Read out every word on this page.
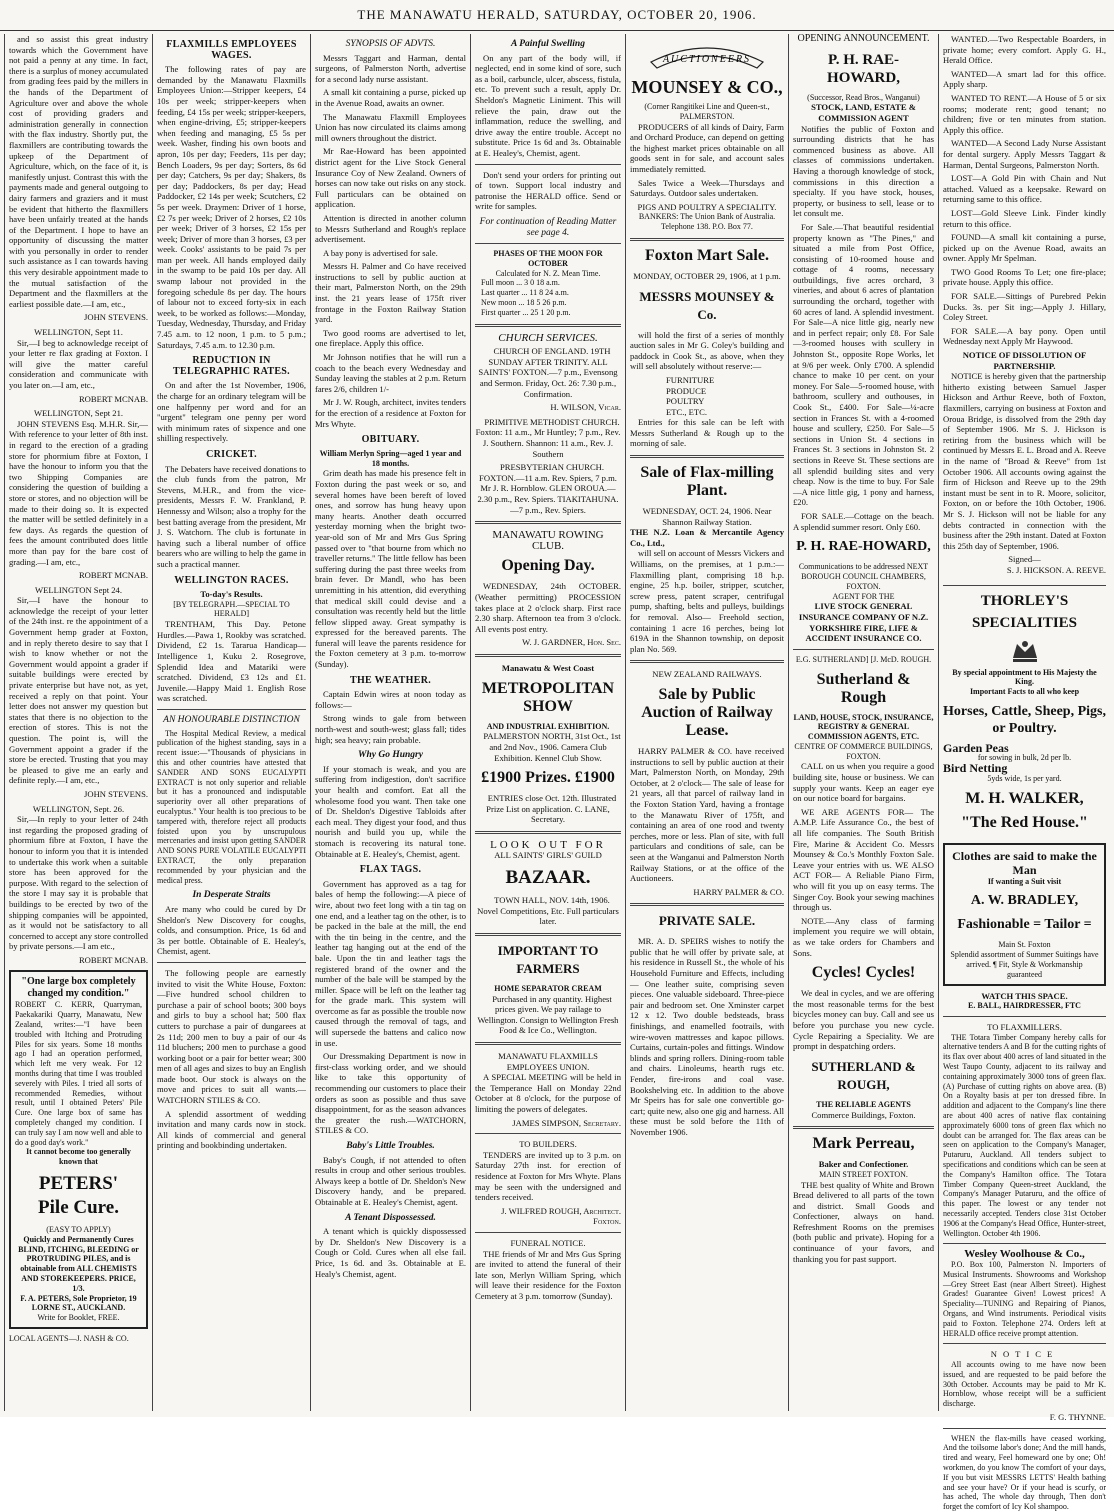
THE MANAWATU HERALD, SATURDAY, OCTOBER 20, 1906.

and so assist this great industry towards which the Government have not paid a penny at any time. In fact, there is a surplus of money accumulated from grading fees paid by the millers in the hands of the Department of Agriculture over and above the whole cost of providing graders and administration generally in connection with the flax industry. Shortly put, the flaxmillers are contributing towards the upkeep of the Department of Agriculture, which, on the face of it, is manifestly unjust. Contrast this with the payments made and general outgoing to dairy farmers and graziers and it must be evident that hitherto the flaxmillers have been unfairly treated at the hands of the Department. I hope to have an opportunity of discussing the matter with you personally in order to render such assistance as I can towards having this very desirable appointment made to the mutual satisfaction of the Department and the flaxmillers at the earliest possible date.—I am, etc.,

JOHN STEVENS.
WELLINGTON, Sept 11.

Sir,—I beg to acknowledge receipt of your letter re flax grading at Foxton. I will give the matter careful consideration and communicate with you later on.—I am, etc.,

ROBERT MCNAB.
WELLINGTON, Sept 21.

JOHN STEVENS Esq. M.H.R. Sir,—With reference to your letter of 8th inst. in regard to the erection of a grading store for phormium fibre at Foxton, I have the honour to inform you that the two Shipping Companies are considering the question of building a store or stores, and no objection will be made to their doing so. It is expected the matter will be settled definitely in a few days. As regards the question of fees the amount contributed does little more than pay for the bare cost of grading.—I am, etc.,

ROBERT MCNAB.
WELLINGTON Sept 24.

Sir,—I have the honour to acknowledge the receipt of your letter of the 24th inst. re the appointment of a Government hemp grader at Foxton, and in reply thereto desire to say that I wish to know whether or not the Government would appoint a grader if suitable buildings were erected by private enterprise but have not, as yet, received a reply on that point. Your letter does not answer my question but states that there is no objection to the erection of stores. This is not the question. The point is, will the Government appoint a grader if the store be erected. Trusting that you may be pleased to give me an early and definite reply.—I am, etc.,

JOHN STEVENS.
WELLINGTON, Sept. 26.

Sir,—In reply to your letter of 24th inst regarding the proposed grading of phormium fibre at Foxton, I have the honour to inform you that it is intended to undertake this work when a suitable store has been approved for the purpose. With regard to the selection of the store I may say it is probable that buildings to be erected by two of the shipping companies will be appointed, as it would not be satisfactory to all concerned to accept any store controlled by private persons.—I am etc.,

ROBERT MCNAB.
"One large box completely changed my condition."
ROBERT C. KERR, Quarryman, Paekakariki Quarry, Manawatu, New Zealand, writes:—"I have been troubled with Itching and Protruding Piles for six years. Some 18 months ago I had an operation performed, which left me very weak. For 12 months during that time I was troubled severely with Piles. I tried all sorts of recommended Remedies, without result, until I obtained Peters' Pile Cure. One large box of same has completely changed my condition. I can truly say I am now well and able to do a good day's work."
It cannot become too generally known that
PETERS'
Pile Cure.
(EASY TO APPLY)
Quickly and Permanently Cures BLIND, ITCHING, BLEEDING or PROTRUDING PILES, and is obtainable from ALL CHEMISTS AND STOREKEEPERS. PRICE, 1/3.
F. A. PETERS, Sole Proprietor, 19 LORNE ST., AUCKLAND.
Write for Booklet, FREE.
LOCAL AGENTS—J. NASH & CO.
FLAXMILLS EMPLOYEES WAGES.

The following rates of pay are demanded by the Manawatu Flaxmills Employees Union:—Stripper keepers, £4 10s per week; stripper-keepers when feeding, £4 15s per week; stripper-keepers, when engine-driving, £5; stripper-keepers when feeding and managing, £5 5s per week. Washer, finding his own boots and apron, 10s per day; Feeders, 11s per day; Bench Loaders, 9s per day; Sorters, 8s 6d per day; Catchers, 9s per day; Shakers, 8s per day; Paddockers, 8s per day; Head Paddocker, £2 14s per week; Scutchers, £2 5s per week. Draymen: Driver of 1 horse, £2 7s per week; Driver of 2 horses, £2 10s per week; Driver of 3 horses, £2 15s per week; Driver of more than 3 horses, £3 per week. Cooks' assistants to be paid 7s per man per week. All hands employed daily in the swamp to be paid 10s per day. All swamp labour not provided in the foregoing schedule 8s per day. The hours of labour not to exceed forty-six in each week, to be worked as follows:—Monday, Tuesday, Wednesday, Thursday, and Friday 7.45 a.m. to 12 noon, 1 p.m. to 5 p.m.; Saturdays, 7.45 a.m. to 12.30 p.m.

REDUCTION IN TELEGRAPHIC RATES.

On and after the 1st November, 1906, the charge for an ordinary telegram will be one halfpenny per word and for an "urgent" telegram one penny per word with minimum rates of sixpence and one shilling respectively.

CRICKET.

The Debaters have received donations to the club funds from the patron, Mr Stevens, M.H.R., and from the vice-presidents, Messrs F. W. Frankland, P. Hennessy and Wilson; also a trophy for the best batting average from the president, Mr J. S. Watchorn. The club is fortunate in having such a liberal number of office bearers who are willing to help the game in such a practical manner.

WELLINGTON RACES.
To-day's Results.
[BY TELEGRAPH.—SPECIAL TO HERALD]

TRENTHAM, This Day. Petone Hurdles.—Pawa 1, Rookby was scratched. Dividend, £2 1s. Tararua Handicap—Intelligence 1, Kuku 2. Rosegrove, Splendid Idea and Matariki were scratched. Dividend, £3 12s and £1. Juvenile.—Happy Maid 1. English Rose was scratched.

AN HONOURABLE DISTINCTION

The Hospital Medical Review, a medical publication of the highest standing, says in a recent issue:—"Thousands of physicians in this and other countries have attested that SANDER AND SONS EUCALYPTI EXTRACT is not only superior and reliable but it has a pronounced and indisputable superiority over all other preparations of eucalyptus." Your health is too precious to be tampered with, therefore reject all products foisted upon you by unscrupulous mercenaries and insist upon getting SANDER AND SONS PURE VOLATILE EUCALYPTI EXTRACT, the only preparation recommended by your physician and the medical press.

In Desperate Straits

Are many who could be cured by Dr Sheldon's New Discovery for coughs, colds, and consumption. Price, 1s 6d and 3s per bottle. Obtainable of E. Healey's, Chemist, agent.

The following people are earnestly invited to visit the White House, Foxton:—Five hundred school children to purchase a pair of school boots; 300 boys and girls to buy a school hat; 500 flax cutters to purchase a pair of dungarees at 2s 11d; 200 men to buy a pair of our 4s 11d bluchers; 200 men to purchase a good working boot or a pair for better wear; 300 men of all ages and sizes to buy an English made boot. Our stock is always on the move and prices to suit all wants.—WATCHORN STILES & CO.

A splendid assortment of wedding invitation and many cards now in stock. All kinds of commercial and general printing and bookbinding undertaken.

SYNOPSIS OF ADVTS.

Messrs Taggart and Harman, dental surgeons, of Palmerston North, advertise for a second lady nurse assistant.

A small kit containing a purse, picked up in the Avenue Road, awaits an owner.

The Manawatu Flaxmill Employees Union has now circulated its claims among mill owners throughout the district.

Mr Rae-Howard has been appointed district agent for the Live Stock General Insurance Coy of New Zealand. Owners of horses can now take out risks on any stock. Full particulars can be obtained on application.

Attention is directed in another column to Messrs Sutherland and Rough's replace advertisement.

A bay pony is advertised for sale.

Messrs H. Palmer and Co have received instructions to sell by public auction at their mart, Palmerston North, on the 29th inst. the 21 years lease of 175ft river frontage in the Foxton Railway Station yard.

Two good rooms are advertised to let, one fireplace. Apply this office.

Mr Johnson notifies that he will run a coach to the beach every Wednesday and Sunday leaving the stables at 2 p.m. Return fares 2/6, children 1/-

Mr J. W. Rough, architect, invites tenders for the erection of a residence at Foxton for Mrs Whyte.

OBITUARY.
William Merlyn Spring—aged 1 year and 18 months.

Grim death has made his presence felt in Foxton during the past week or so, and several homes have been bereft of loved ones, and sorrow has hung heavy upon many hearts. Another death occurred yesterday morning when the bright two-year-old son of Mr and Mrs Gus Spring passed over to "that bourne from which no traveller returns." The little fellow has been suffering during the past three weeks from brain fever. Dr Mandl, who has been unremitting in his attention, did everything that medical skill could devise and a consultation was recently held but the little fellow slipped away. Great sympathy is expressed for the bereaved parents. The funeral will leave the parents residence for the Foxton cemetery at 3 p.m. to-morrow (Sunday).

THE WEATHER.

Captain Edwin wires at noon today as follows:—

Strong winds to gale from between north-west and south-west; glass fall; tides high; sea heavy; rain probable.

Why Go Hungry

If your stomach is weak, and you are suffering from indigestion, don't sacrifice your health and comfort. Eat all the wholesome food you want. Then take one of Dr. Sheldon's Digestive Tabloids after each meal. They digest your food, and thus nourish and build you up, while the stomach is recovering its natural tone. Obtainable at E. Healey's, Chemist, agent.

FLAX TAGS.

Government has approved as a tag for bales of hemp the following:—A piece of wire, about two feet long with a tin tag on one end, and a leather tag on the other, is to be packed in the bale at the mill, the end with the tin being in the centre, and the leather tag hanging out at the end of the bale. Upon the tin and leather tags the registered brand of the owner and the number of the bale will be stamped by the miller. Space will be left on the leather tag for the grade mark. This system will overcome as far as possible the trouble now caused through the removal of tags, and will supersede the battens and calico now in use.

Our Dressmaking Department is now in first-class working order, and we should like to take this opportunity of recommending our customers to place their orders as soon as possible and thus save disappointment, for as the season advances the greater the rush.—WATCHORN, STILES & CO.

Baby's Little Troubles.

Baby's Cough, if not attended to often results in croup and other serious troubles. Always keep a bottle of Dr. Sheldon's New Discovery handy, and be prepared. Obtainable at E. Healey's Chemist, agent.

A Tenant Dispossessed.

A tenant which is quickly dispossessed by Dr. Sheldon's New Discovery is a Cough or Cold. Cures when all else fail. Price, 1s 6d. and 3s. Obtainable at E. Healy's Chemist, agent.

A Painful Swelling

On any part of the body will, if neglected, end in some kind of sore, such as a boil, carbuncle, ulcer, abscess, fistula, etc. To prevent such a result, apply Dr. Sheldon's Magnetic Liniment. This will relieve the pain, draw out the inflammation, reduce the swelling, and drive away the entire trouble. Accept no substitute. Price 1s 6d and 3s. Obtainable at E. Healey's, Chemist, agent.

Don't send your orders for printing out of town. Support local industry and patronise the HERALD office. Send or write for samples.

For continuation of Reading Matter see page 4.
PHASES OF THE MOON FOR OCTOBER
Calculated for N. Z. Mean Time.
Full moon ... 3 0 18 a.m.
Last quarter ... 11 8 24 a.m.
New moon ... 18 5 26 p.m.
First quarter ... 25 1 20 p.m.
CHURCH SERVICES.

CHURCH OF ENGLAND. 19TH SUNDAY AFTER TRINITY. ALL SAINTS' FOXTON.—7 p.m., Evensong and Sermon. Friday, Oct. 26: 7.30 p.m., Confirmation.

H. WILSON, Vicar.

PRIMITIVE METHODIST CHURCH. Foxton: 11 a.m., Mr Huntley; 7 p.m., Rev. J. Southern. Shannon: 11 a.m., Rev. J. Southern

PRESBYTERIAN CHURCH. FOXTON.—11 a.m. Rev. Spiers, 7 p.m. Mr J. R. Hornblow. GLEN OROUA.—2.30 p.m., Rev. Spiers. TIAKITAHUNA.—7 p.m., Rev. Spiers.

MANAWATU ROWING CLUB.
Opening Day.

WEDNESDAY, 24th OCTOBER. (Weather permitting) PROCESSION takes place at 2 o'clock sharp. First race 2.30 sharp. Afternoon tea from 3 o'clock. All events post entry.

W. J. GARDNER, Hon. Sec.
Manawatu & West Coast
METROPOLITAN SHOW
AND INDUSTRIAL EXHIBITION.

PALMERSTON NORTH, 31st Oct., 1st and 2nd Nov., 1906. Camera Club Exhibition. Kennel Club Show.

£1900 Prizes. £1900

ENTRIES close Oct. 12th. Illustrated Prize List on application. C. LANE, Secretary.

LOOK OUT FOR
ALL SAINTS' GIRLS' GUILD
BAZAAR.

TOWN HALL, NOV. 14th, 1906. Novel Competitions, Etc. Full particulars later.

IMPORTANT TO FARMERS
HOME SEPARATOR CREAM

Purchased in any quantity. Highest prices given. We pay railage to Wellington. Consign to Wellington Fresh Food & Ice Co., Wellington.

MANAWATU FLAXMILLS EMPLOYEES UNION.

A SPECIAL MEETING will be held in the Temperance Hall on Monday 22nd October at 8 o'clock, for the purpose of limiting the powers of delegates.

JAMES SIMPSON, Secretary.
TO BUILDERS.

TENDERS are invited up to 3 p.m. on Saturday 27th inst. for erection of residence at Foxton for Mrs Whyte. Plans may be seen with the undersigned and tenders received.

J. WILFRED ROUGH, Architect. Foxton.
FUNERAL NOTICE.

THE friends of Mr and Mrs Gus Spring are invited to attend the funeral of their late son, Merlyn William Spring, which will leave their residence for the Foxton Cemetery at 3 p.m. tomorrow (Sunday).

AUCTIONEERS
MOUNSEY & CO.,
(Corner Rangitikei Line and Queen-st., PALMERSTON.

PRODUCERS of all kinds of Dairy, Farm and Orchard Produce, can depend on getting the highest market prices obtainable on all goods sent in for sale, and account sales immediately remitted.

Sales Twice a Week—Thursdays and Saturdays. Outdoor sales undertaken.

PIGS AND POULTRY A SPECIALITY.
BANKERS: The Union Bank of Australia.
Telephone 138. P.O. Box 77.
Foxton Mart Sale.
MONDAY, OCTOBER 29, 1906, at 1 p.m.
MESSRS MOUNSEY & Co.

will hold the first of a series of monthly auction sales in Mr G. Coley's building and paddock in Cook St., as above, when they will sell absolutely without reserve:—

FURNITURE
PRODUCE
POULTRY
ETC., ETC.

Entries for this sale can be left with Messrs Sutherland & Rough up to the morning of sale.

Sale of Flax-milling Plant.
WEDNESDAY, OCT. 24, 1906. Near Shannon Railway Station.
THE N.Z. Loan & Mercantile Agency Co., Ltd.,

will sell on account of Messrs Vickers and Williams, on the premises, at 1 p.m.:— Flaxmilling plant, comprising 18 h.p. engine, 25 h.p. boiler, stripper, scutcher, screw press, patent scraper, centrifugal pump, shafting, belts and pulleys, buildings for removal. Also— Freehold section, containing 1 acre 16 perches, being lot 619A in the Shannon township, on deposit plan No. 569.

NEW ZEALAND RAILWAYS.
Sale by Public Auction of Railway Lease.

HARRY PALMER & CO. have received instructions to sell by public auction at their Mart, Palmerston North, on Monday, 29th October, at 2 o'clock— The sale of lease for 21 years, all that parcel of railway land in the Foxton Station Yard, having a frontage to the Manawatu River of 175ft, and containing an area of one rood and twenty perches, more or less. Plan of site, with full particulars and conditions of sale, can be seen at the Wanganui and Palmerston North Railway Stations, or at the office of the Auctioneers.

HARRY PALMER & CO.
PRIVATE SALE.

MR. A. D. SPEIRS wishes to notify the public that he will offer by private sale, at his residence in Russell St., the whole of his Household Furniture and Effects, including— One leather suite, comprising seven pieces. One valuable sideboard. Three-piece pair and bedroom set. One Xminster carpet 12 x 12. Two double bedsteads, brass finishings, and enamelled footrails, with wire-woven mattresses and kapoc pillows. Curtains, curtain-poles and fittings. Window blinds and spring rollers. Dining-room table and chairs. Linoleums, hearth rugs etc. Fender, fire-irons and coal vase. Bookshelving etc. In addition to the above Mr Speirs has for sale one convertible go-cart; quite new, also one gig and harness. All these must be sold before the 11th of November 1906.

OPENING ANNOUNCEMENT.
P. H. RAE-HOWARD,
(Successor, Read Bros., Wanganui)
STOCK, LAND, ESTATE & COMMISSION AGENT

Notifies the public of Foxton and surrounding districts that he has commenced business as above. All classes of commissions undertaken. Having a thorough knowledge of stock, commissions in this direction a specialty. If you have stock, houses, property, or business to sell, lease or to let consult me.

For Sale.—That beautiful residential property known as "The Pines," and situated a mile from Post Office, consisting of 10-roomed house and cottage of 4 rooms, necessary outbuildings, five acres orchard, 3 vineries, and about 6 acres of plantation surrounding the orchard, together with 60 acres of land. A splendid investment. For Sale—A nice little gig, nearly new and in perfect repair; only £8. For Sale—3-roomed houses with scullery in Johnston St., opposite Rope Works, let at 9/6 per week. Only £700. A splendid chance to make 10 per cent. on your money. For Sale—5-roomed house, with bathroom, scullery and outhouses, in Cook St., £400. For Sale—¼-acre section in Frances St. with a 4-roomed house and scullery, £250. For Sale—5 sections in Union St. 4 sections in Frances St. 3 sections in Johnston St. 2 sections in Reeve St. These sections are all splendid building sites and very cheap. Now is the time to buy. For Sale—A nice little gig, 1 pony and harness, £20.

FOR SALE.—Cottage on the beach. A splendid summer resort. Only £60.

P. H. RAE-HOWARD,
Communications to be addressed NEXT BOROUGH COUNCIL CHAMBERS, FOXTON.
AGENT FOR THE
LIVE STOCK GENERAL INSURANCE COMPANY OF N.Z.
YORKSHIRE FIRE, LIFE & ACCIDENT INSURANCE CO.
E.G. SUTHERLAND] [J. McD. ROUGH.
Sutherland & Rough
LAND, HOUSE, STOCK, INSURANCE, REGISTRY & GENERAL COMMISSION AGENTS, ETC.
CENTRE OF COMMERCE BUILDINGS, FOXTON.

CALL on us when you require a good building site, house or business. We can supply your wants. Keep an eager eye on our notice board for bargains.

WE ARE AGENTS FOR— The A.M.P. Life Assurance Co., the best of all life companies. The South British Fire, Marine & Accident Co. Messrs Mounsey & Co.'s Monthly Foxton Sale. Leave your entries with us. WE ALSO ACT FOR— A Reliable Piano Firm, who will fit you up on easy terms. The Singer Coy. Book your sewing machines through us.

NOTE.—Any class of farming implement you require we will obtain, as we take orders for Chambers and Sons.

Cycles! Cycles!

We deal in cycles, and we are offering the most reasonable terms for the best bicycles money can buy. Call and see us before you purchase you new cycle. Cycle Repairing a Speciality. We are prompt in despatching orders.

SUTHERLAND & ROUGH,
THE RELIABLE AGENTS
Commerce Buildings, Foxton.
Mark Perreau,
Baker and Confectioner.
MAIN STREET FOXTON.

THE best quality of White and Brown Bread delivered to all parts of the town and district. Small Goods and Confectioner, always on hand. Refreshment Rooms on the premises (both public and private). Hoping for a continuance of your favors, and thanking you for past support.

WANTED.—Two Respectable Boarders, in private home; every comfort. Apply G. H., Herald Office.

WANTED—A smart lad for this office. Apply sharp.

WANTED TO RENT.—A House of 5 or six rooms; moderate rent; good tenant; no children; five or ten minutes from station. Apply this office.

WANTED—A Second Lady Nurse Assistant for dental surgery. Apply Messrs Taggart & Harman, Dental Surgeons, Palmerston North.

LOST—A Gold Pin with Chain and Nut attached. Valued as a keepsake. Reward on returning same to this office.

LOST—Gold Sleeve Link. Finder kindly return to this office.

FOUND—A small kit containing a purse, picked up on the Avenue Road, awaits an owner. Apply Mr Spelman.

TWO Good Rooms To Let; one fire-place; private house. Apply this office.

FOR SALE.—Sittings of Purebred Pekin Ducks. 3s. per Sit ing;—Apply J. Hillary, Coley Street.

FOR SALE.—A bay pony. Open until Wednesday next Apply Mr Haywood.

NOTICE OF DISSOLUTION OF PARTNERSHIP.

NOTICE is hereby given that the partnership hitherto existing between Samuel Jasper Hickson and Arthur Reeve, both of Foxton, flaxmillers, carrying on business at Foxton and Oroua Bridge, is dissolved from the 29th day of September 1906. Mr S. J. Hickson is retiring from the business which will be continued by Messrs E. L. Broad and A. Reeve in the name of "Broad & Reeve" from 1st October 1906. All accounts owing against the firm of Hickson and Reeve up to the 29th instant must be sent in to R. Moore, solicitor, Foxton, on or before the 10th October, 1906. Mr S. J. Hickson will not be liable for any debts contracted in connection with the business after the 29th instant. Dated at Foxton this 25th day of September, 1906.

Signed—
S. J. HICKSON. A. REEVE.
THORLEY'S
SPECIALITIES
By special appointment to His Majesty the King.
Important Facts to all who keep
Horses, Cattle, Sheep, Pigs, or Poultry.
Garden Peas
for sowing in bulk, 2d per lb.
Bird Netting
5yds wide, 1s per yard.
M. H. WALKER,
"The Red House."
Clothes are said to make the Man
If wanting a Suit visit
A. W. BRADLEY,
Fashionable = Tailor =
Main St. Foxton
Splendid assortment of Summer Suitings have arrived. ¶ Fit, Style & Workmanship guaranteed
WATCH THIS SPACE.
E. BALL, HAIRDRESSER, FTC
TO FLAXMILLERS.

THE Totara Timber Company hereby calls for alternative tenders A and B for the cutting rights of its flax over about 400 acres of land situated in the West Taupo County, adjacent to its railway and containing approximately 3000 tons of green flax. (A) Purchase of cutting rights on above area. (B) On a Royalty basis at per ton dressed fibre. In addition and adjacent to the Company's line there are about 400 acres of native flax containing approximately 6000 tons of green flax which no doubt can be arranged for. The flax areas can be seen on application to the Company's Manager, Putaruru, Auckland. All tenders subject to specifications and conditions which can be seen at the Company's Hamilton office. The Totara Timber Company Queen-street Auckland, the Company's Manager Putaruru, and the office of this paper. The lowest or any tender not necessarily accepted. Tenders close 31st October 1906 at the Company's Head Office, Hunter-street, Wellington. October 4th 1906.

Wesley Woolhouse & Co.,

P.O. Box 100, Palmerston N. Importers of Musical Instruments. Showrooms and Workshop—Grey Street East (near Albert Street). Highest Grades! Guarantee Given! Lowest prices! A Speciality—TUNING and Repairing of Pianos, Organs, and Wind instruments. Periodical visits paid to Foxton. Telephone 274. Orders left at HERALD office receive prompt attention.

NOTICE

All accounts owing to me have now been issued, and are requested to be paid before the 30th October. Accounts may be paid to Mr K. Hornblow, whose receipt will be a sufficient discharge.

F. G. THYNNE.

WHEN the flax-mills have ceased working, And the toilsome labor's done; And the mill hands, tired and weary, Feel homeward one by one; Oh! workmen, do you know The comfort of your days, If you but visit MESSRS LETTS' Health bathing and see your have? Or if your head is scurfy, or has ached, The whole day through, Then don't forget the comfort of Icy Kol shampoo.
